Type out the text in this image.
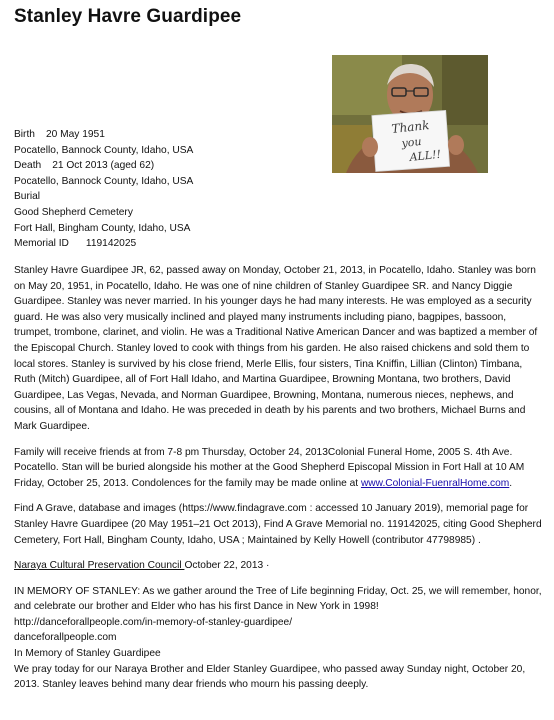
Stanley Havre Guardipee
Thank
you
ALL!!
Birth 20 May 1951
Pocatello, Bannock County, Idaho, USA
Death 21 Oct 2013 (aged 62)
Pocatello, Bannock County, Idaho, USA
Burial
Good Shepherd Cemetery
Fort Hall, Bingham County, Idaho, USA
Memorial ID 119142025

Stanley Havre Guardipee JR, 62, passed away on Monday, October 21, 2013, in Pocatello, Idaho. Stanley was born on May 20, 1951, in Pocatello, Idaho. He was one of nine children of Stanley Guardipee SR. and Nancy Diggie Guardipee. Stanley was never married. In his younger days he had many interests. He was employed as a security guard. He was also very musically inclined and played many instruments including piano, bagpipes, bassoon, trumpet, trombone, clarinet, and violin. He was a Traditional Native American Dancer and was baptized a member of the Episcopal Church. Stanley loved to cook with things from his garden. He also raised chickens and sold them to local stores. Stanley is survived by his close friend, Merle Ellis, four sisters, Tina Kniffin, Lillian (Clinton) Timbana, Ruth (Mitch) Guardipee, all of Fort Hall Idaho, and Martina Guardipee, Browning Montana, two brothers, David Guardipee, Las Vegas, Nevada, and Norman Guardipee, Browning, Montana, numerous nieces, nephews, and cousins, all of Montana and Idaho. He was preceded in death by his parents and two brothers, Michael Burns and Mark Guardipee.

Family will receive friends at from 7-8 pm Thursday, October 24, 2013Colonial Funeral Home, 2005 S. 4th Ave. Pocatello. Stan will be buried alongside his mother at the Good Shepherd Episcopal Mission in Fort Hall at 10 AM Friday, October 25, 2013. Condolences for the family may be made online at www.Colonial-FuenralHome.com.

Find A Grave, database and images (https://www.findagrave.com : accessed 10 January 2019), memorial page for Stanley Havre Guardipee (20 May 1951–21 Oct 2013), Find A Grave Memorial no. 119142025, citing Good Shepherd Cemetery, Fort Hall, Bingham County, Idaho, USA ; Maintained by Kelly Howell (contributor 47798985) .

Naraya Cultural Preservation Council October 22, 2013 ·

IN MEMORY OF STANLEY: As we gather around the Tree of Life beginning Friday, Oct. 25, we will remember, honor, and celebrate our brother and Elder who has his first Dance in New York in 1998!
http://danceforallpeople.com/in-memory-of-stanley-guardipee/
danceforallpeople.com
In Memory of Stanley Guardipee
We pray today for our Naraya Brother and Elder Stanley Guardipee, who passed away Sunday night, October 20, 2013. Stanley leaves behind many dear friends who mourn his passing deeply.
